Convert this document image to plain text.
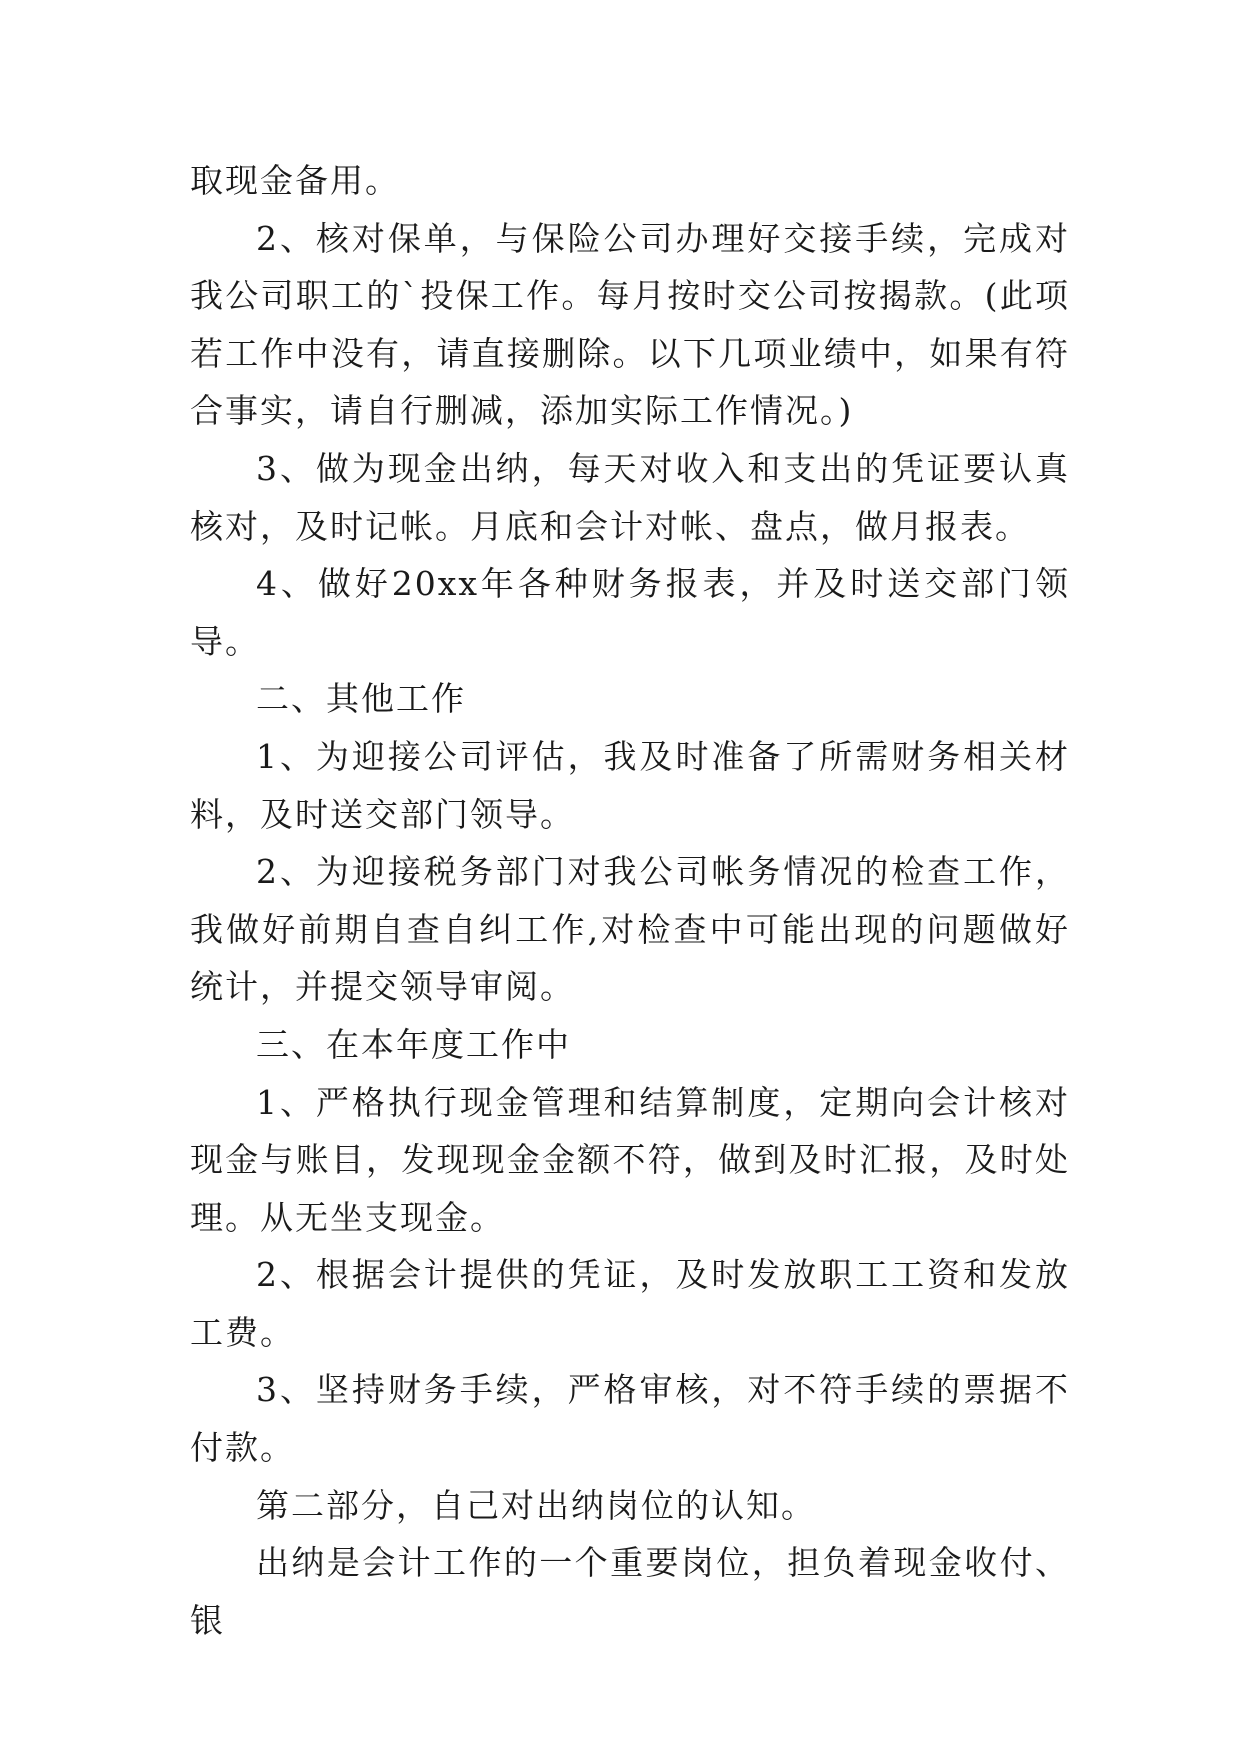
取现金备用。

2、核对保单，与保险公司办理好交接手续，完成对我公司职工的`投保工作。每月按时交公司按揭款。(此项若工作中没有，请直接删除。以下几项业绩中，如果有符合事实，请自行删减，添加实际工作情况。)

3、做为现金出纳，每天对收入和支出的凭证要认真核对，及时记帐。月底和会计对帐、盘点，做月报表。

4、做好20xx年各种财务报表，并及时送交部门领导。

二、其他工作

1、为迎接公司评估，我及时准备了所需财务相关材料，及时送交部门领导。

2、为迎接税务部门对我公司帐务情况的检查工作，我做好前期自查自纠工作,对检查中可能出现的问题做好统计，并提交领导审阅。

三、在本年度工作中

1、严格执行现金管理和结算制度，定期向会计核对现金与账目，发现现金金额不符，做到及时汇报，及时处理。从无坐支现金。

2、根据会计提供的凭证，及时发放职工工资和发放工费。

3、坚持财务手续，严格审核，对不符手续的票据不付款。

第二部分，自己对出纳岗位的认知。

出纳是会计工作的一个重要岗位，担负着现金收付、银
